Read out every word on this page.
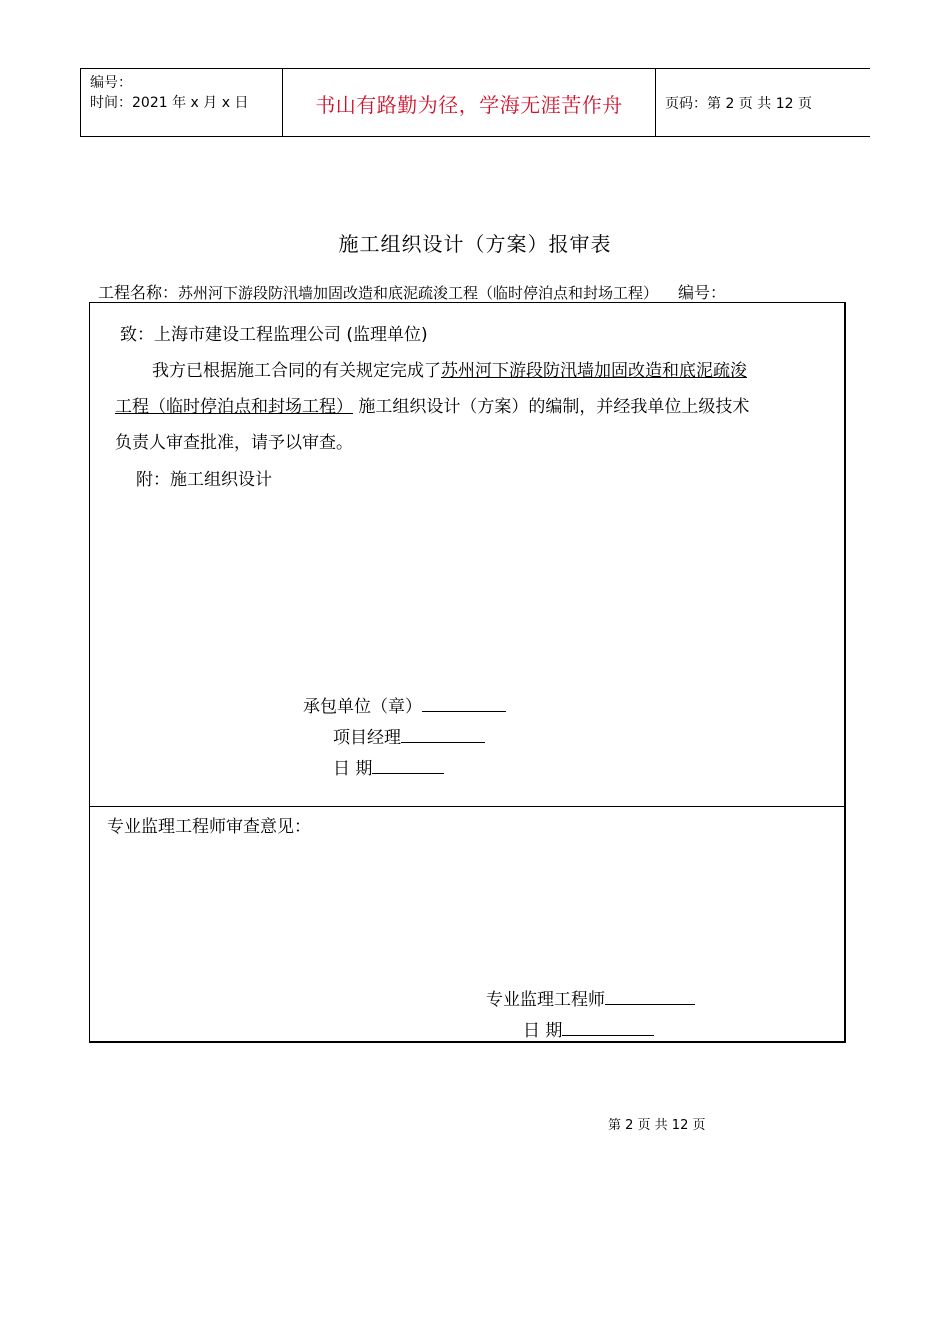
编号：
时间：2021 年 x 月 x 日	书山有路勤为径，学海无涯苦作舟	页码：第 2 页 共 12 页
施工组织设计（方案）报审表
工程名称：苏州河下游段防汛墙加固改造和底泥疏浚工程（临时停泊点和封场工程） 编号：
致：上海市建设工程监理公司 (监理单位)
我方已根据施工合同的有关规定完成了苏州河下游段防汛墙加固改造和底泥疏浚
工程（临时停泊点和封场工程） 施工组织设计（方案）的编制，并经我单位上级技术
负责人审查批准，请予以审查。
附：施工组织设计
承包单位（章）
项目经理
日 期
专业监理工程师审查意见：
专业监理工程师
日 期
第 2 页 共 12 页
